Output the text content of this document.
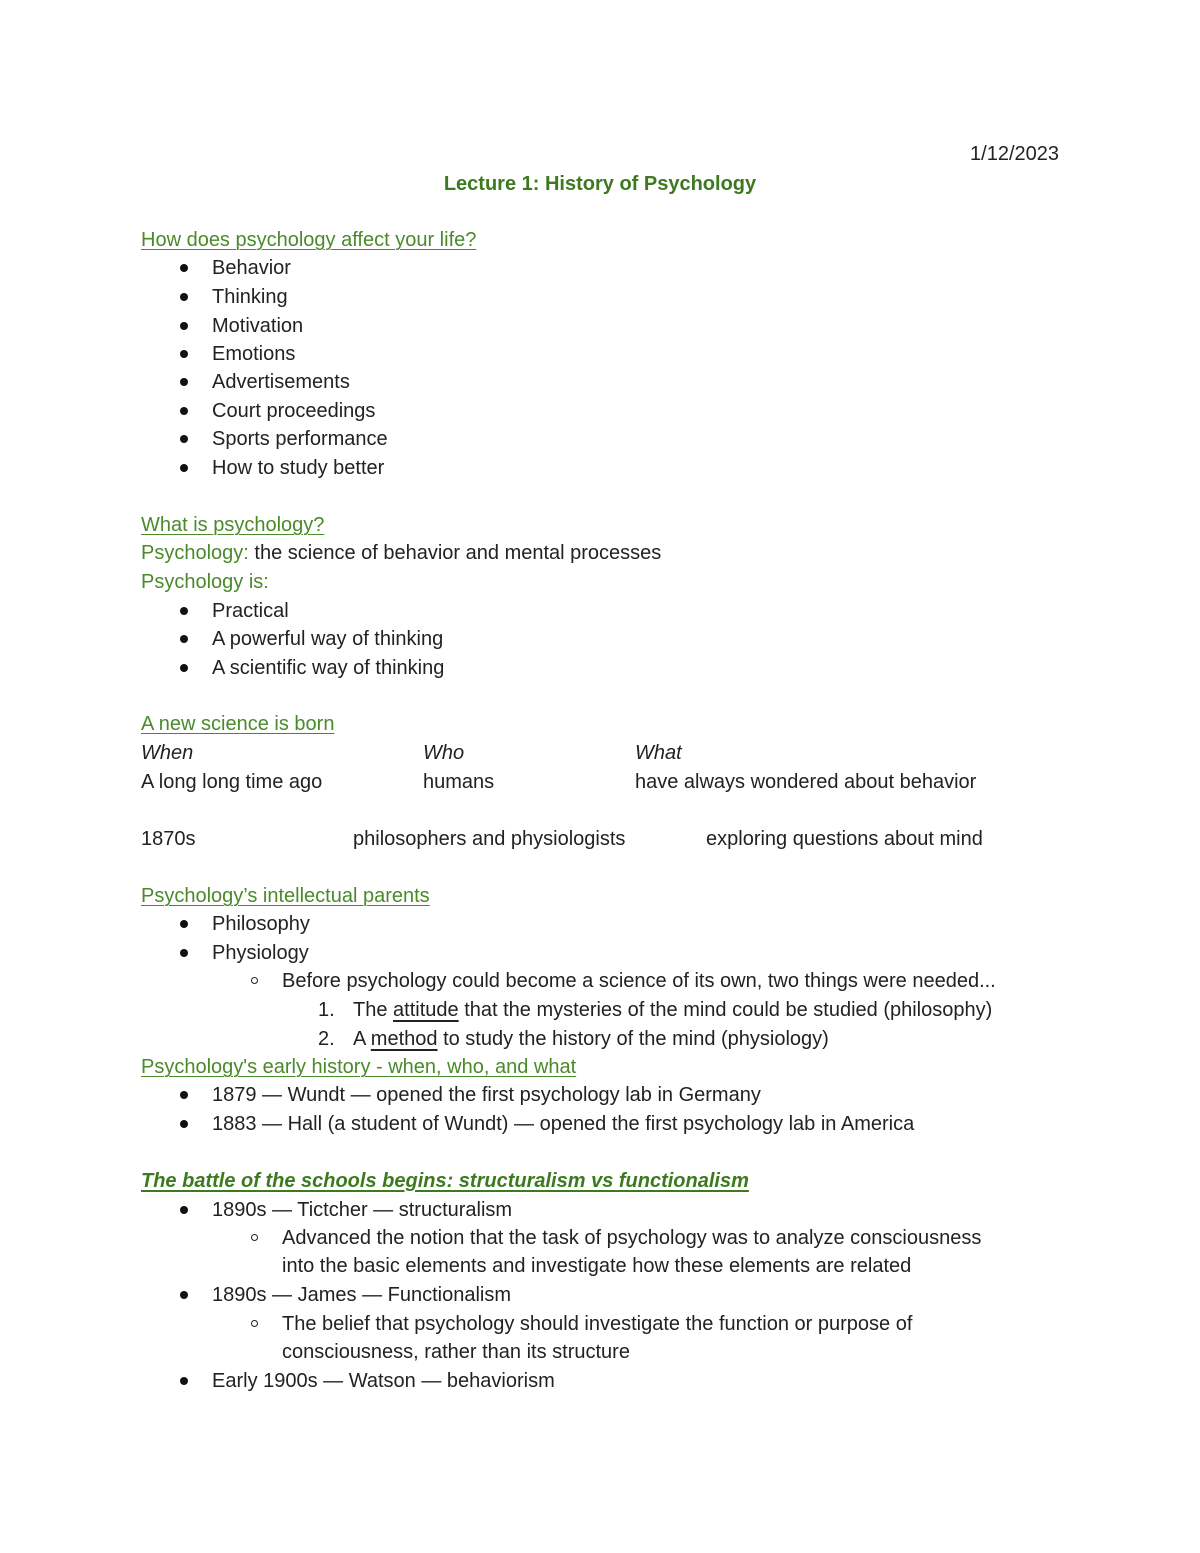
1/12/2023
Lecture 1: History of Psychology
How does psychology affect your life?
Behavior
Thinking
Motivation
Emotions
Advertisements
Court proceedings
Sports performance
How to study better
What is psychology?
Psychology: the science of behavior and mental processes
Psychology is:
Practical
A powerful way of thinking
A scientific way of thinking
A new science is born
When	Who	What
A long long time ago	humans	have always wondered about behavior
1870s	philosophers and physiologists	exploring questions about mind
Psychology’s intellectual parents
Philosophy
Physiology
Before psychology could become a science of its own, two things were needed...
1. The attitude that the mysteries of the mind could be studied (philosophy)
2. A method to study the history of the mind (physiology)
Psychology's early history - when, who, and what
1879 — Wundt — opened the first psychology lab in Germany
1883 — Hall (a student of Wundt) — opened the first psychology lab in America
The battle of the schools begins: structuralism vs functionalism
1890s — Tictcher — structuralism
Advanced the notion that the task of psychology was to analyze consciousness
into the basic elements and investigate how these elements are related
1890s — James — Functionalism
The belief that psychology should investigate the function or purpose of
consciousness, rather than its structure
Early 1900s — Watson — behaviorism
